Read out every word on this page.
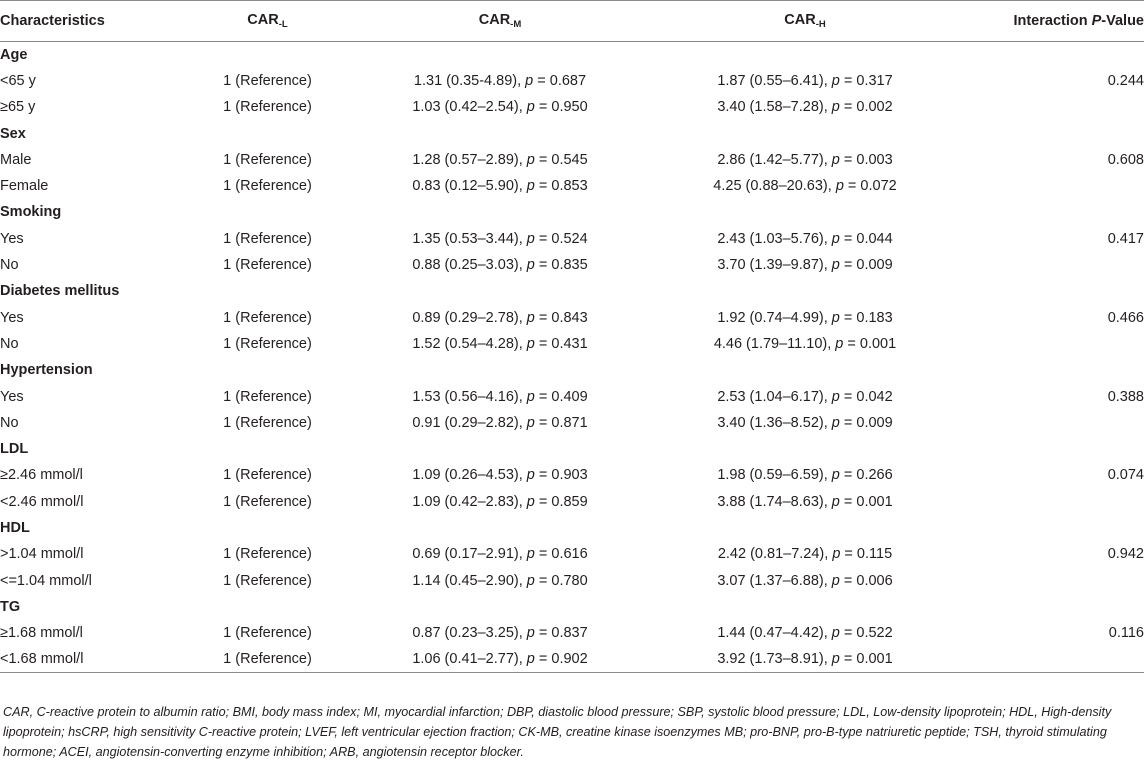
Characteristics	$CAR_{-L}$	$CAR_{-M}$	$CAR_{-H}$	Interaction P-Value
Age				
<65 y	1 (Reference)	1.31 (0.35-4.89), p = 0.687	1.87 (0.55–6.41), p = 0.317	0.244
≥65 y	1 (Reference)	1.03 (0.42–2.54), p = 0.950	3.40 (1.58–7.28), p = 0.002	
Sex				
Male	1 (Reference)	1.28 (0.57–2.89), p = 0.545	2.86 (1.42–5.77), p = 0.003	0.608
Female	1 (Reference)	0.83 (0.12–5.90), p = 0.853	4.25 (0.88–20.63), p = 0.072	
Smoking				
Yes	1 (Reference)	1.35 (0.53–3.44), p = 0.524	2.43 (1.03–5.76), p = 0.044	0.417
No	1 (Reference)	0.88 (0.25–3.03), p = 0.835	3.70 (1.39–9.87), p = 0.009	
Diabetes mellitus				
Yes	1 (Reference)	0.89 (0.29–2.78), p = 0.843	1.92 (0.74–4.99), p = 0.183	0.466
No	1 (Reference)	1.52 (0.54–4.28), p = 0.431	4.46 (1.79–11.10), p = 0.001	
Hypertension				
Yes	1 (Reference)	1.53 (0.56–4.16), p = 0.409	2.53 (1.04–6.17), p = 0.042	0.388
No	1 (Reference)	0.91 (0.29–2.82), p = 0.871	3.40 (1.36–8.52), p = 0.009	
LDL				
≥2.46 mmol/l	1 (Reference)	1.09 (0.26–4.53), p = 0.903	1.98 (0.59–6.59), p = 0.266	0.074
<2.46 mmol/l	1 (Reference)	1.09 (0.42–2.83), p = 0.859	3.88 (1.74–8.63), p = 0.001	
HDL				
>1.04 mmol/l	1 (Reference)	0.69 (0.17–2.91), p = 0.616	2.42 (0.81–7.24), p = 0.115	0.942
<=1.04 mmol/l	1 (Reference)	1.14 (0.45–2.90), p = 0.780	3.07 (1.37–6.88), p = 0.006	
TG				
≥1.68 mmol/l	1 (Reference)	0.87 (0.23–3.25), p = 0.837	1.44 (0.47–4.42), p = 0.522	0.116
<1.68 mmol/l	1 (Reference)	1.06 (0.41–2.77), p = 0.902	3.92 (1.73–8.91), p = 0.001	
CAR, C-reactive protein to albumin ratio; BMI, body mass index; MI, myocardial infarction; DBP, diastolic blood pressure; SBP, systolic blood pressure; LDL, Low-density lipoprotein; HDL, High-density lipoprotein; hsCRP, high sensitivity C-reactive protein; LVEF, left ventricular ejection fraction; CK-MB, creatine kinase isoenzymes MB; pro-BNP, pro-B-type natriuretic peptide; TSH, thyroid stimulating hormone; ACEI, angiotensin-converting enzyme inhibition; ARB, angiotensin receptor blocker.
